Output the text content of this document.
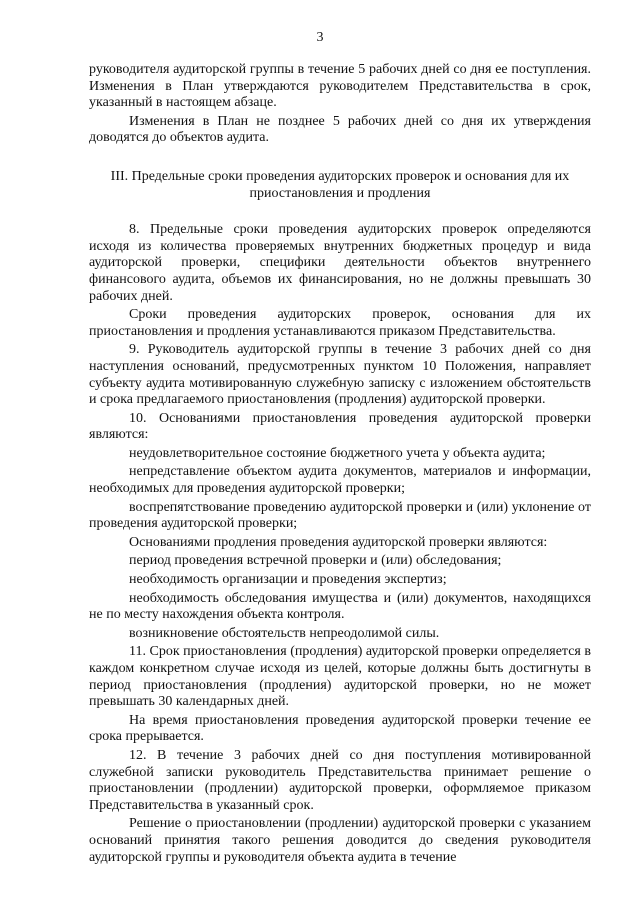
3

руководителя аудиторской группы в течение 5 рабочих дней со дня ее поступления. Изменения в План утверждаются руководителем Представительства в срок, указанный в настоящем абзаце.

Изменения в План не позднее 5 рабочих дней со дня их утверждения доводятся до объектов аудита.

III. Предельные сроки проведения аудиторских проверок и основания для их приостановления и продления

8. Предельные сроки проведения аудиторских проверок определяются исходя из количества проверяемых внутренних бюджетных процедур и вида аудиторской проверки, специфики деятельности объектов внутреннего финансового аудита, объемов их финансирования, но не должны превышать 30 рабочих дней.

Сроки проведения аудиторских проверок, основания для их приостановления и продления устанавливаются приказом Представительства.

9. Руководитель аудиторской группы в течение 3 рабочих дней со дня наступления оснований, предусмотренных пунктом 10 Положения, направляет субъекту аудита мотивированную служебную записку с изложением обстоятельств и срока предлагаемого приостановления (продления) аудиторской проверки.

10. Основаниями приостановления проведения аудиторской проверки являются:

неудовлетворительное состояние бюджетного учета у объекта аудита;

непредставление объектом аудита документов, материалов и информации, необходимых для проведения аудиторской проверки;

воспрепятствование проведению аудиторской проверки и (или) уклонение от проведения аудиторской проверки;

Основаниями продления проведения аудиторской проверки являются:

период проведения встречной проверки и (или) обследования;

необходимость организации и проведения экспертиз;

необходимость обследования имущества и (или) документов, находящихся не по месту нахождения объекта контроля.

возникновение обстоятельств непреодолимой силы.

11. Срок приостановления (продления) аудиторской проверки определяется в каждом конкретном случае исходя из целей, которые должны быть достигнуты в период приостановления (продления) аудиторской проверки, но не может превышать 30 календарных дней.

На время приостановления проведения аудиторской проверки течение ее срока прерывается.

12. В течение 3 рабочих дней со дня поступления мотивированной служебной записки руководитель Представительства принимает решение о приостановлении (продлении) аудиторской проверки, оформляемое приказом Представительства в указанный срок.

Решение о приостановлении (продлении) аудиторской проверки с указанием оснований принятия такого решения доводится до сведения руководителя аудиторской группы и руководителя объекта аудита в течение
